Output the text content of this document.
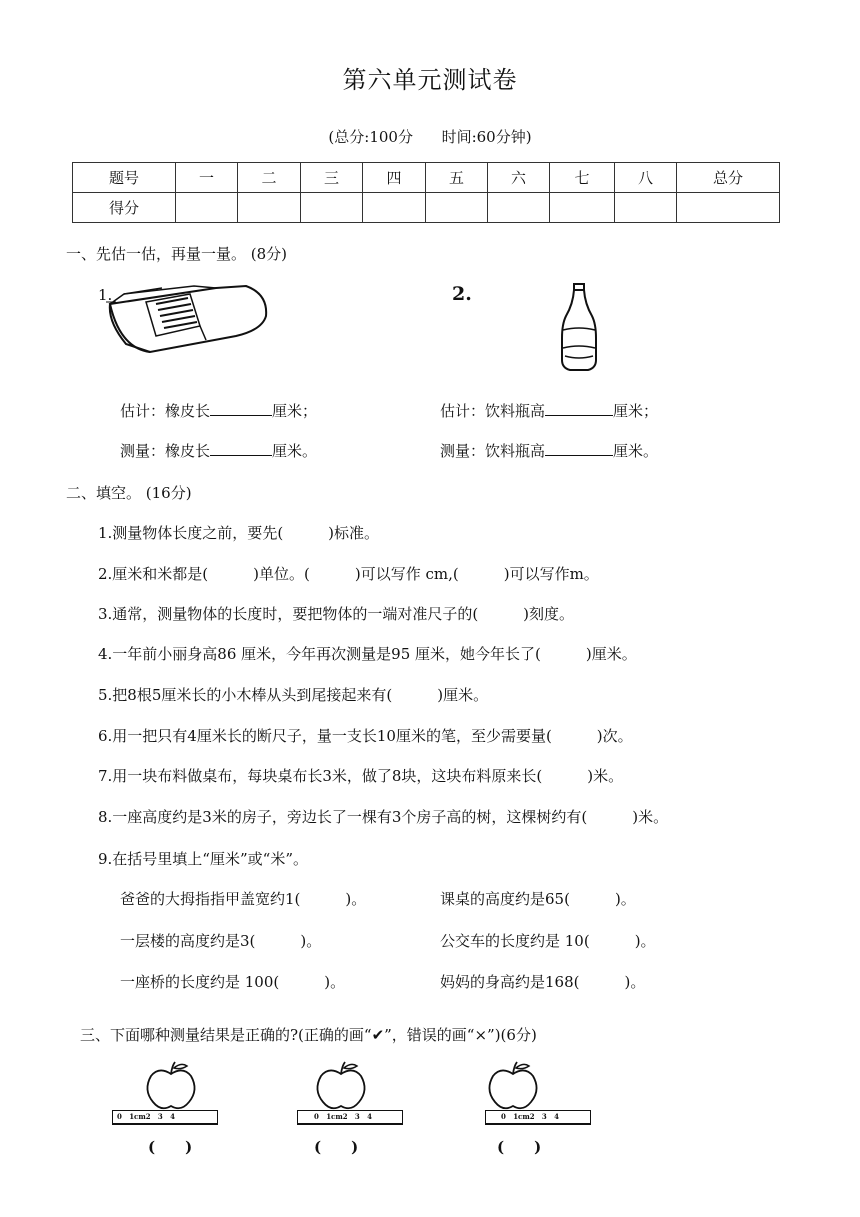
第六单元测试卷
(总分:100分 时间:60分钟)
题号	一	二	三	四	五	六	七	八	总分
得分									
一、先估一估，再量一量。 (8分)
1.	2.
估计：橡皮长	厘米；	估计：饮料瓶高	厘米；
测量：橡皮长	厘米。	测量：饮料瓶高	厘米。
二、填空。 (16分)
1.测量物体长度之前，要先(　　　)标准。
2.厘米和米都是(　　　)单位。(　　　)可以写作 cm,(　　　)可以写作m。
3.通常，测量物体的长度时，要把物体的一端对准尺子的(　　　)刻度。
4.一年前小丽身高86 厘米，今年再次测量是95 厘米，她今年长了(　　　)厘米。
5.把8根5厘米长的小木棒从头到尾接起来有(　　　)厘米。
6.用一把只有4厘米长的断尺子，量一支长10厘米的笔，至少需要量(　　　)次。
7.用一块布料做桌布，每块桌布长3米，做了8块，这块布料原来长(　　　)米。
8.一座高度约是3米的房子，旁边长了一棵有3个房子高的树，这棵树约有(　　　)米。
9.在括号里填上“厘米”或“米”。
爸爸的大拇指指甲盖宽约1(　　　)。	课桌的高度约是65(　　　)。
一层楼的高度约是3(　　　)。	公交车的长度约是 10(　　　)。
一座桥的长度约是 100(　　　)。	妈妈的身高约是168(　　　)。
三、下面哪种测量结果是正确的?(正确的画“✔”，错误的画“×”)(6分)
0 1cm2 3 4
(　　)
0 1cm2 3 4
(　　)
0 1cm2 3 4
(　　)
